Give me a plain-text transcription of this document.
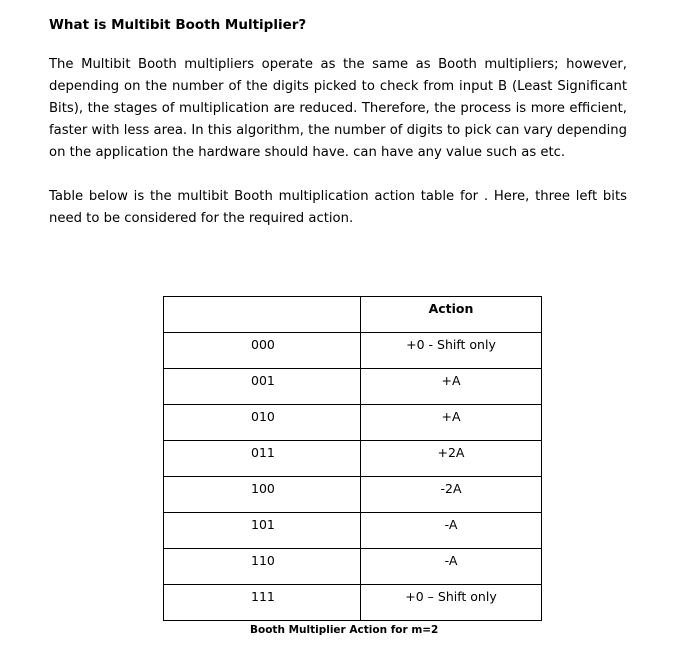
What is Multibit Booth Multiplier?

The Multibit Booth multipliers operate as the same as Booth multipliers; however, depending on the number of the digits picked to check from input B (Least Significant Bits), the stages of multiplication are reduced. Therefore, the process is more efficient, faster with less area. In this algorithm, the number of digits to pick can vary depending on the application the hardware should have. can have any value such as etc.

Table below is the multibit Booth multiplication action table for . Here, three left bits need to be considered for the required action.

	Action

000	+0 - Shift only

001	+A

010	+A

011	+2A

100	-2A

101	-A

110	-A

111	+0 – Shift only
Booth Multiplier Action for m=2
